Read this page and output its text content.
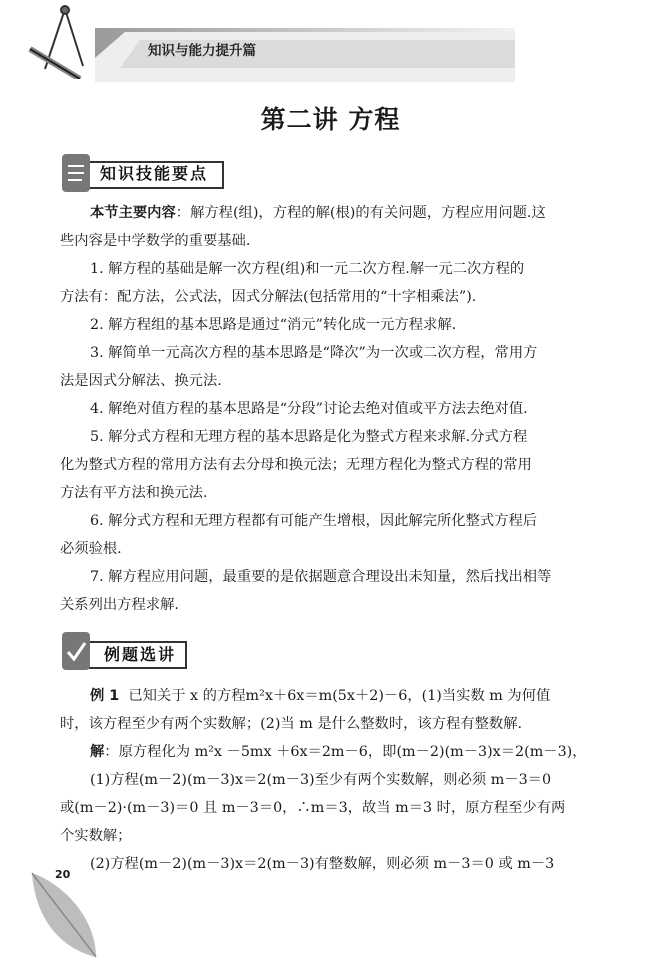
知识与能力提升篇
第二讲 方程
知识技能要点
本节主要内容：解方程(组)，方程的解(根)的有关问题，方程应用问题.这
些内容是中学数学的重要基础.
1. 解方程的基础是解一次方程(组)和一元二次方程.解一元二次方程的
方法有：配方法，公式法，因式分解法(包括常用的“十字相乘法”).
2. 解方程组的基本思路是通过“消元”转化成一元方程求解.
3. 解简单一元高次方程的基本思路是“降次”为一次或二次方程，常用方
法是因式分解法、换元法.
4. 解绝对值方程的基本思路是“分段”讨论去绝对值或平方法去绝对值.
5. 解分式方程和无理方程的基本思路是化为整式方程来求解.分式方程
化为整式方程的常用方法有去分母和换元法；无理方程化为整式方程的常用
方法有平方法和换元法.
6. 解分式方程和无理方程都有可能产生增根，因此解完所化整式方程后
必须验根.
7. 解方程应用问题，最重要的是依据题意合理设出未知量，然后找出相等
关系列出方程求解.
例题选讲
例 1 已知关于 x 的方程m²x＋6x＝m(5x＋2)－6，(1)当实数 m 为何值
时，该方程至少有两个实数解；(2)当 m 是什么整数时，该方程有整数解.
解：原方程化为 m²x －5mx ＋6x＝2m－6，即(m－2)(m－3)x＝2(m－3)，
(1)方程(m－2)(m－3)x＝2(m－3)至少有两个实数解，则必须 m－3＝0
或(m－2)·(m－3)＝0 且 m－3＝0，∴m＝3，故当 m＝3 时，原方程至少有两
个实数解；
(2)方程(m－2)(m－3)x＝2(m－3)有整数解，则必须 m－3＝0 或 m－3
20
